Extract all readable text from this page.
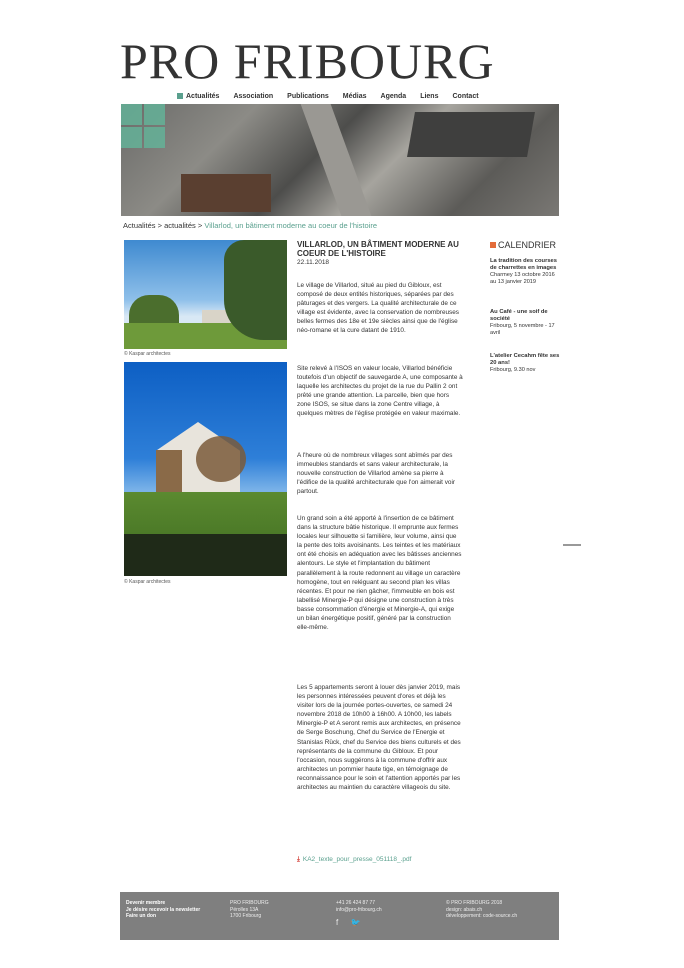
PRO FRIBOURG
Actualités Association Publications Médias Agenda Liens Contact
Actualités > actualités > Villarlod, un bâtiment moderne au coeur de l'histoire
© Kaspar architectes
© Kaspar architectes
VILLARLOD, UN BÂTIMENT MODERNE AU COEUR DE L'HISTOIRE
22.11.2018

Le village de Villarlod, situé au pied du Gibloux, est composé de deux entités historiques, séparées par des pâturages et des vergers. La qualité architecturale de ce village est évidente, avec la conservation de nombreuses belles fermes des 18e et 19e siècles ainsi que de l'église néo-romane et la cure datant de 1910.

Site relevé à l'ISOS en valeur locale, Villarlod bénéficie toutefois d'un objectif de sauvegarde A, une composante à laquelle les architectes du projet de la rue du Pallin 2 ont prêté une grande attention. La parcelle, bien que hors zone ISOS, se situe dans la zone Centre village, à quelques mètres de l'église protégée en valeur maximale.

A l'heure où de nombreux villages sont abîmés par des immeubles standards et sans valeur architecturale, la nouvelle construction de Villarlod amène sa pierre à l'édifice de la qualité architecturale que l'on aimerait voir partout.

Un grand soin a été apporté à l'insertion de ce bâtiment dans la structure bâtie historique. Il emprunte aux fermes locales leur silhouette si familière, leur volume, ainsi que la pente des toits avoisinants. Les teintes et les matériaux ont été choisis en adéquation avec les bâtisses anciennes alentours. Le style et l'implantation du bâtiment parallèlement à la route redonnent au village un caractère homogène, tout en reléguant au second plan les villas récentes. Et pour ne rien gâcher, l'immeuble en bois est labellisé Minergie-P qui désigne une construction à très basse consommation d'énergie et Minergie-A, qui exige un bilan énergétique positif, généré par la construction elle-même.

Les 5 appartements seront à louer dès janvier 2019, mais les personnes intéressées peuvent d'ores et déjà les visiter lors de la journée portes-ouvertes, ce samedi 24 novembre 2018 de 10h00 à 16h00. A 10h00, les labels Minergie-P et A seront remis aux architectes, en présence de Serge Boschung, Chef du Service de l'Energie et Stanislas Rück, chef du Service des biens culturels et des représentants de la commune du Gibloux. Et pour l'occasion, nous suggérons à la commune d'offrir aux architectes un pommier haute tige, en témoignage de reconnaissance pour le soin et l'attention apportés par les architectes au maintien du caractère villageois du site.

⤓ KA2_texte_pour_presse_051118_.pdf
CALENDRIER
La tradition des courses de charrettes en images
Charmey 13 octobre 2016 au 13 janvier 2019
Au Café - une soif de société
Fribourg, 5 novembre - 17 avril
L'atelier Cecahm fête ses 20 ans!
Fribourg, 9.30 nov
Devenir membre
Je désire recevoir la newsletter
Faire un don
PRO FRIBOURG
Pérolles 13A
1700 Fribourg
+41 26 424 87 77
info@pro-fribourg.ch
f 🐦
© PRO FRIBOURG 2018
design: abais.ch
développement: code-source.ch
